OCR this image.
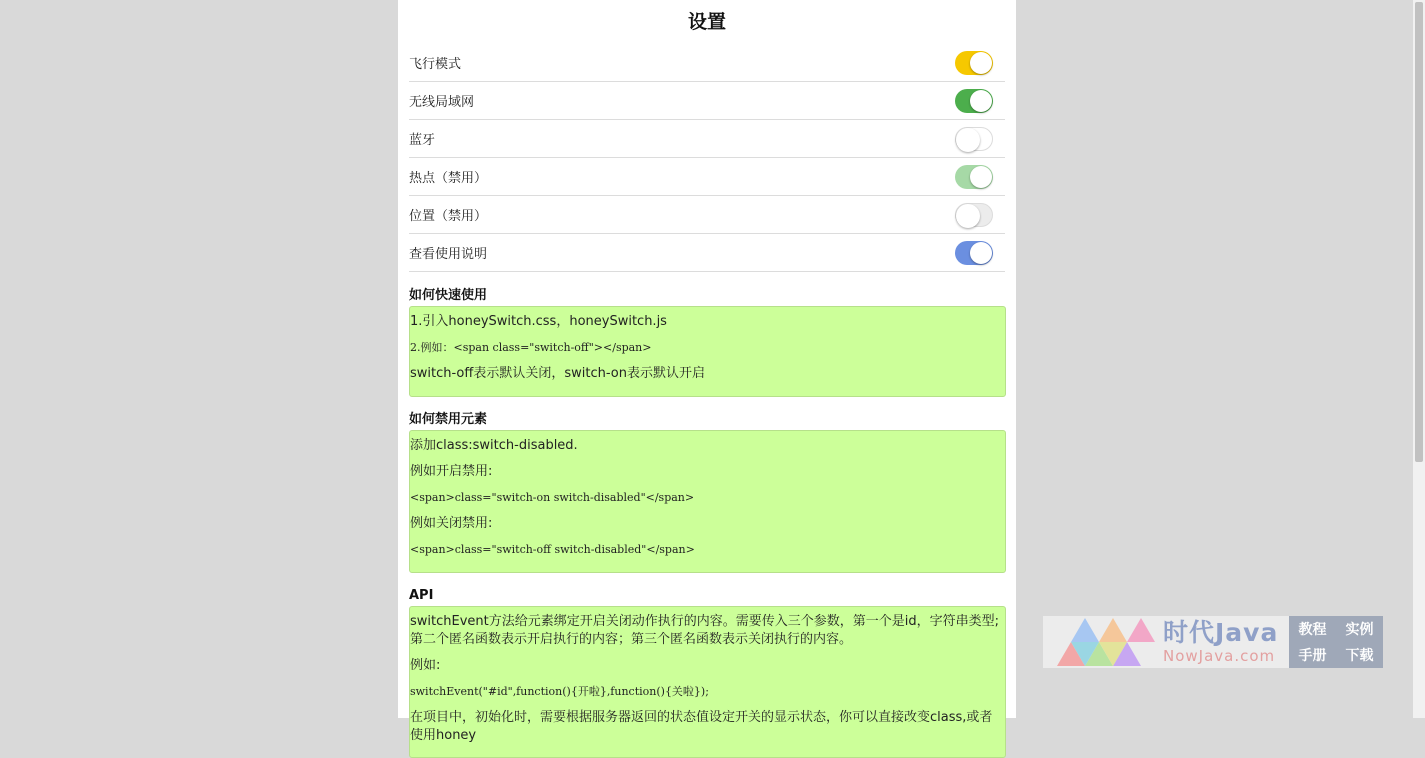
设置
飞行模式
无线局域网
蓝牙
热点（禁用）
位置（禁用）
查看使用说明
如何快速使用

1.引入honeySwitch.css，honeySwitch.js

2.例如：<span class="switch-off"></span>

switch-off表示默认关闭，switch-on表示默认开启

如何禁用元素

添加class:switch-disabled.

例如开启禁用:

<span>class="switch-on switch-disabled"</span>

例如关闭禁用:

<span>class="switch-off switch-disabled"</span>

API

switchEvent方法给元素绑定开启关闭动作执行的内容。需要传入三个参数，第一个是id，字符串类型;第二个匿名函数表示开启执行的内容；第三个匿名函数表示关闭执行的内容。

例如:

switchEvent("#id",function(){开啦},function(){关啦});

在项目中，初始化时，需要根据服务器返回的状态值设定开关的显示状态，你可以直接改变class,或者使用honey

时代Java
NowJava.com
教程 实例
手册 下载
